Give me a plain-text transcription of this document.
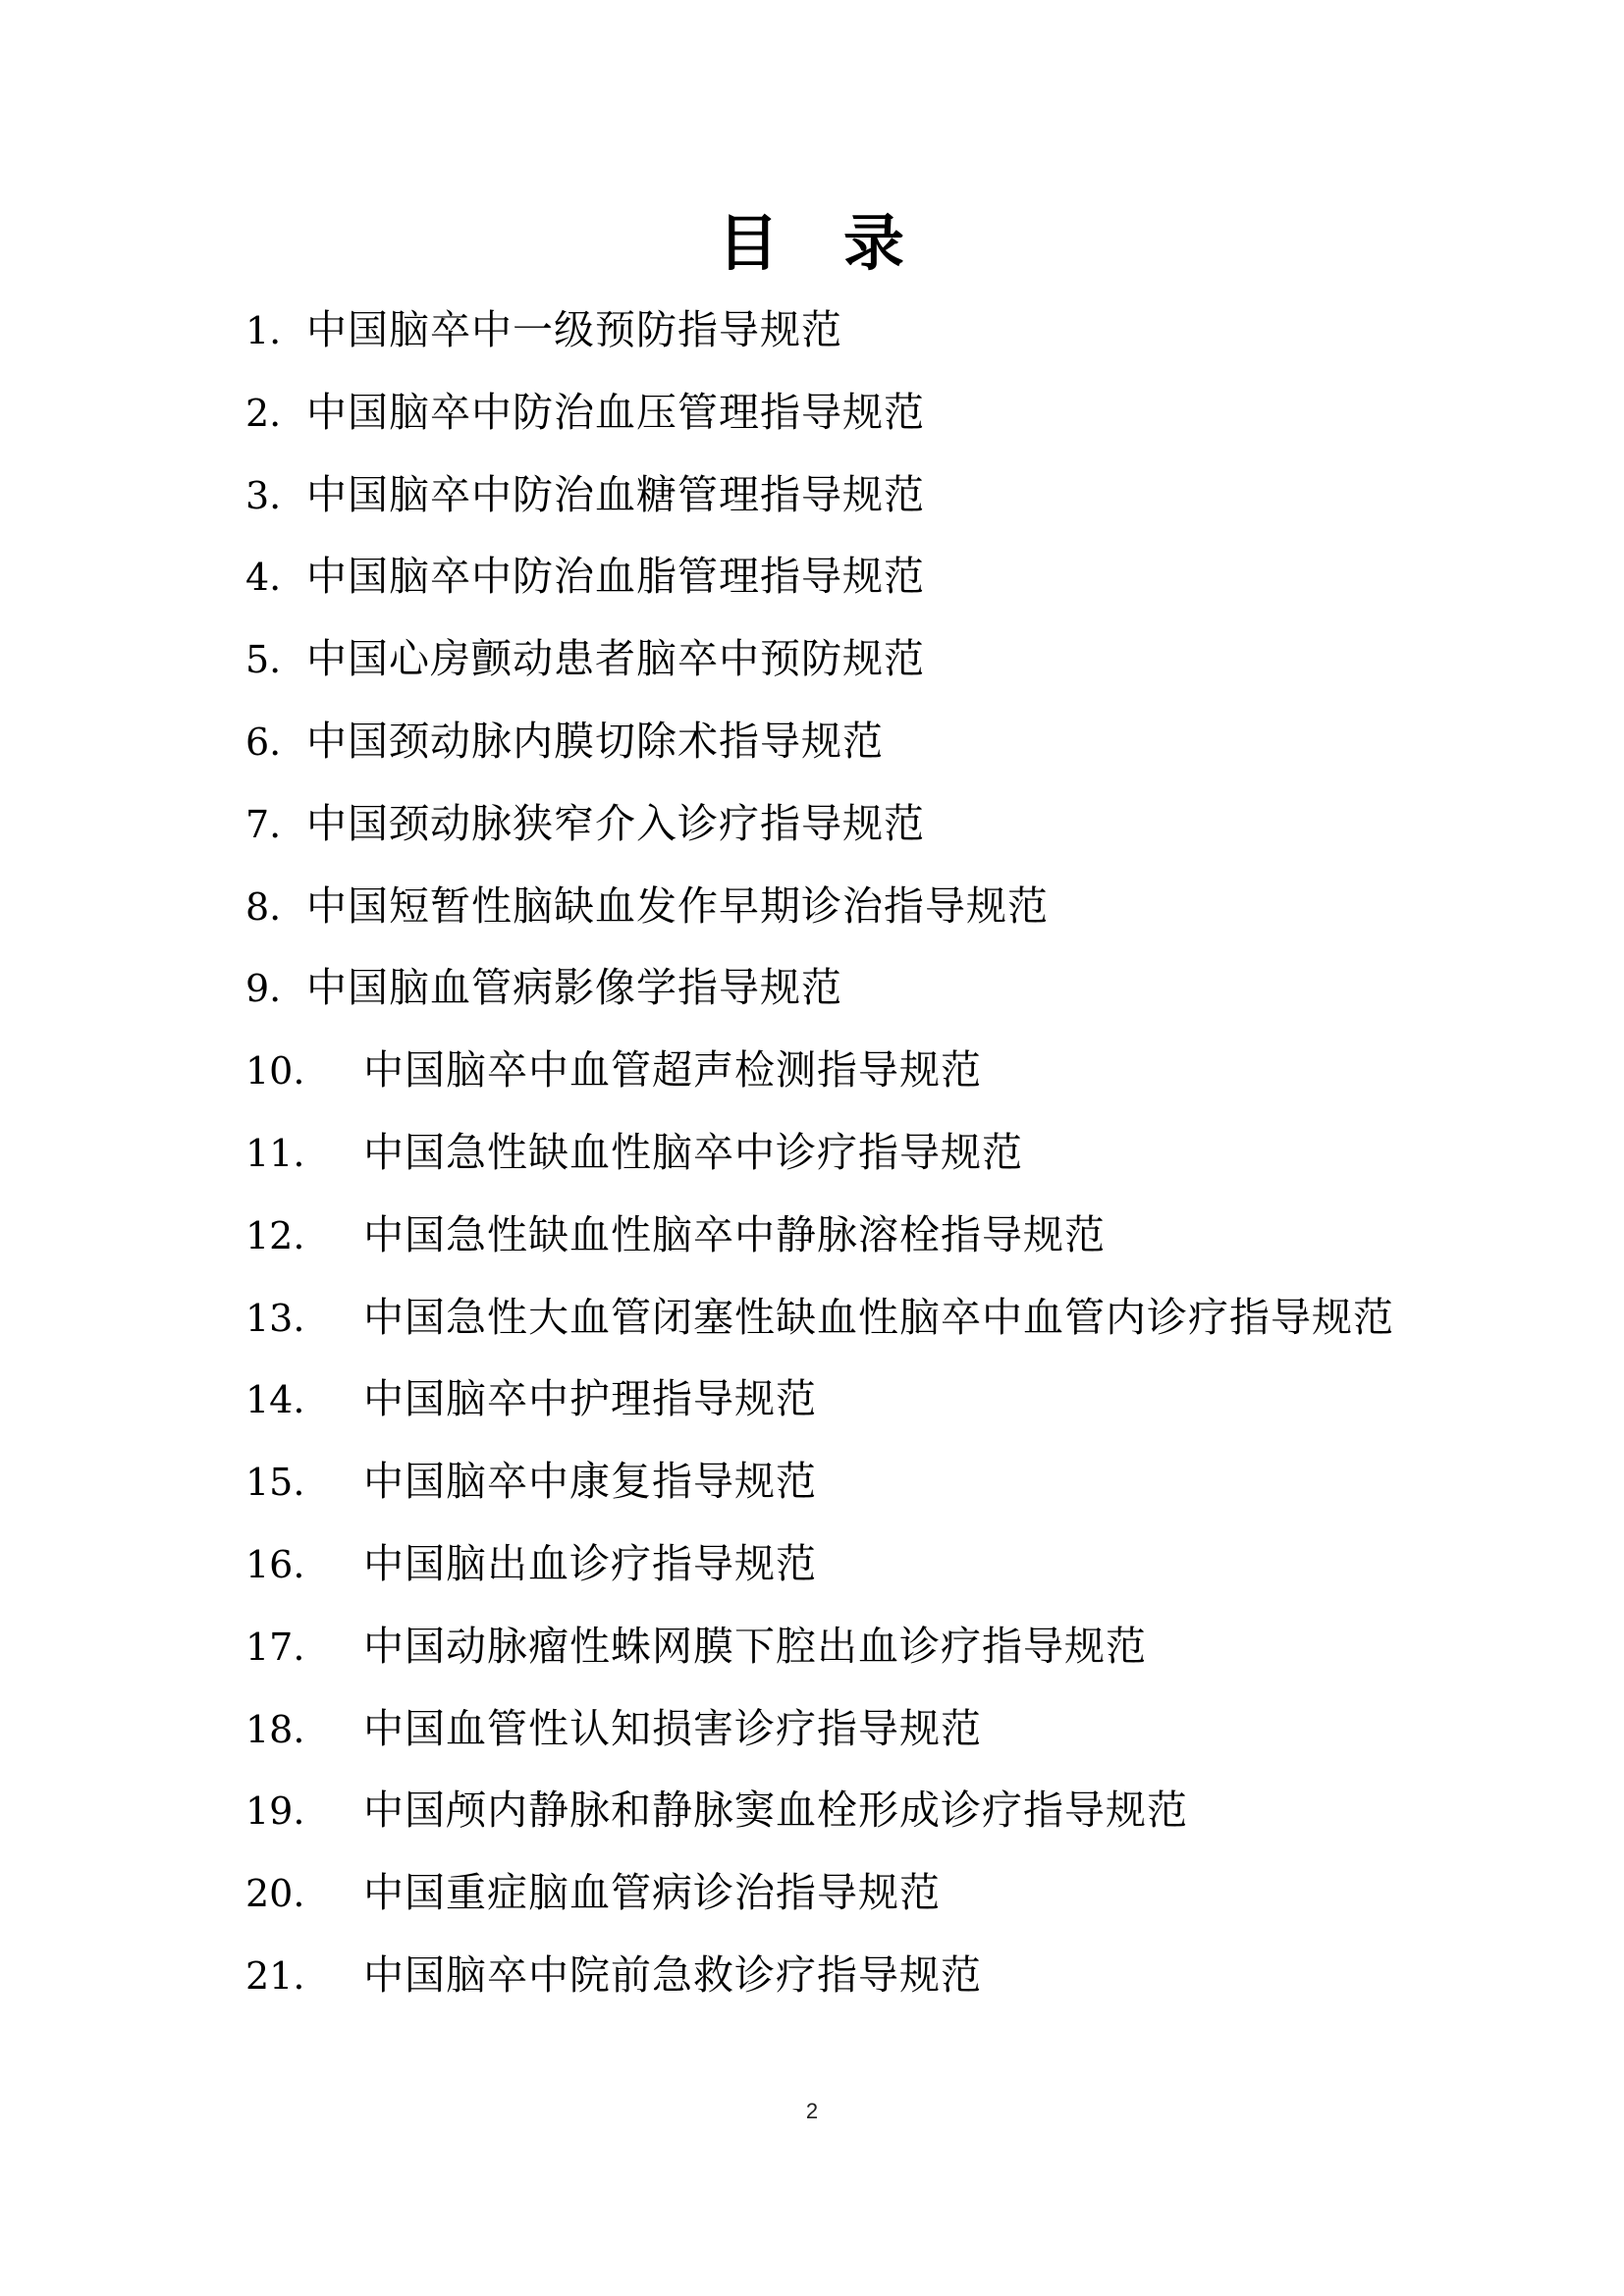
目　录
1. 中国脑卒中一级预防指导规范
2. 中国脑卒中防治血压管理指导规范
3. 中国脑卒中防治血糖管理指导规范
4. 中国脑卒中防治血脂管理指导规范
5. 中国心房颤动患者脑卒中预防规范
6. 中国颈动脉内膜切除术指导规范
7. 中国颈动脉狭窄介入诊疗指导规范
8. 中国短暂性脑缺血发作早期诊治指导规范
9. 中国脑血管病影像学指导规范
10. 中国脑卒中血管超声检测指导规范
11. 中国急性缺血性脑卒中诊疗指导规范
12. 中国急性缺血性脑卒中静脉溶栓指导规范
13. 中国急性大血管闭塞性缺血性脑卒中血管内诊疗指导规范
14. 中国脑卒中护理指导规范
15. 中国脑卒中康复指导规范
16. 中国脑出血诊疗指导规范
17. 中国动脉瘤性蛛网膜下腔出血诊疗指导规范
18. 中国血管性认知损害诊疗指导规范
19. 中国颅内静脉和静脉窦血栓形成诊疗指导规范
20. 中国重症脑血管病诊治指导规范
21. 中国脑卒中院前急救诊疗指导规范
2
